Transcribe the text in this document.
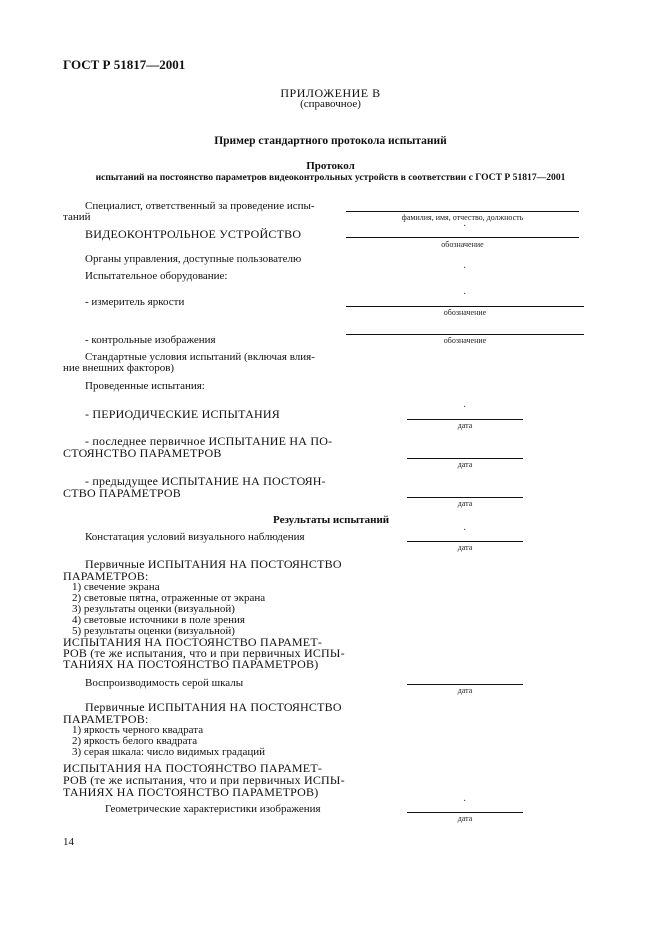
ГОСТ Р 51817—2001
ПРИЛОЖЕНИЕ В
(справочное)
Пример стандартного протокола испытаний
Протокол
испытаний на постоянство параметров видеоконтрольных устройств в соответствии с ГОСТ Р 51817—2001
Специалист, ответственный за проведение испы-
таний	фамилия, имя, отчество, должность
·
ВИДЕОКОНТРОЛЬНОЕ УСТРОЙСТВО
обозначение
Органы управления, доступные пользователю
·
Испытательное оборудование:
·
- измеритель яркости
обозначение
- контрольные изображения	обозначение
Стандартные условия испытаний (включая влия-
ние внешних факторов)
Проведенные испытания:
·
- ПЕРИОДИЧЕСКИЕ ИСПЫТАНИЯ
дата
- последнее первичное ИСПЫТАНИЕ НА ПО-
СТОЯНСТВО ПАРАМЕТРОВ
дата
- предыдущее ИСПЫТАНИЕ НА ПОСТОЯН-
СТВО ПАРАМЕТРОВ
дата
Результаты испытаний
·
Констатация условий визуального наблюдения
дата
Первичные ИСПЫТАНИЯ НА ПОСТОЯНСТВО
ПАРАМЕТРОВ:
1) свечение экрана
2) световые пятна, отраженные от экрана
3) результаты оценки (визуальной)
4) световые источники в поле зрения
5) результаты оценки (визуальной)
ИСПЫТАНИЯ НА ПОСТОЯНСТВО ПАРАМЕТ-
РОВ (те же испытания, что и при первичных ИСПЫ-
ТАНИЯХ НА ПОСТОЯНСТВО ПАРАМЕТРОВ)
Воспроизводимость серой шкалы
дата
Первичные ИСПЫТАНИЯ НА ПОСТОЯНСТВО
ПАРАМЕТРОВ:
1) яркость черного квадрата
2) яркость белого квадрата
3) серая шкала: число видимых градаций
ИСПЫТАНИЯ НА ПОСТОЯНСТВО ПАРАМЕТ-
РОВ (те же испытания, что и при первичных ИСПЫ-
ТАНИЯХ НА ПОСТОЯНСТВО ПАРАМЕТРОВ)
·
Геометрические характеристики изображения
дата
14
